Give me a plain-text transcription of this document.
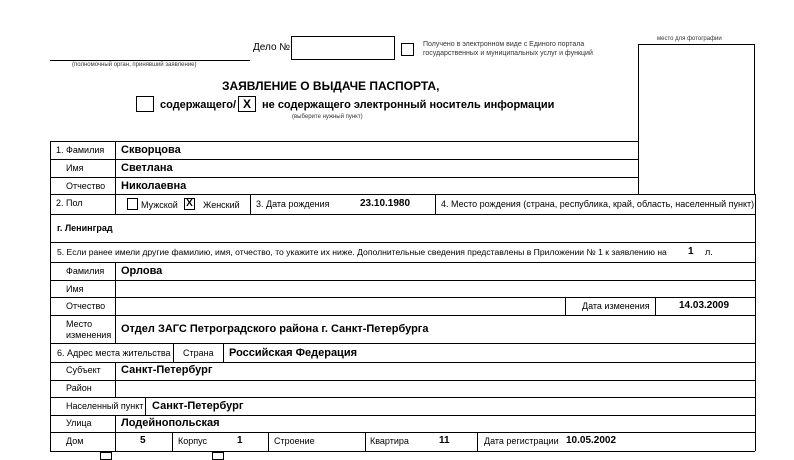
(полномочный орган, принявший заявление)
Дело №	Получено в электронном виде с Единого портала
государственных и муниципальных услуг и функций
место для фотографии
ЗАЯВЛЕНИЕ О ВЫДАЧЕ ПАСПОРТА,
содержащего/ X	не содержащего электронный носитель информации
(выберите нужный пункт)
1. Фамилия Скворцова
Имя	Светлана
Отчество Николаевна
2. Пол	Мужской X Женский 3. Дата рождения	23.10.1980	4. Место рождения (страна, республика, край, область, населенный пункт):
г. Ленинград
5. Если ранее имели другие фамилию, имя, отчество, то укажите их ниже. Дополнительные сведения представлены в Приложении № 1 к заявлению на 1 л.
Фамилия Орлова
Имя
Отчество	Дата изменения	14.03.2009
Место
изменения Отдел ЗАГС Петроградского района г. Санкт-Петербурга
6. Адрес места жительства Страна Российская Федерация
Субъект Санкт-Петербург
Район
Населенный пункт Санкт-Петербург
Улица	Лодейнопольская
Дом	5	Корпус	1	Строение	Квартира	11	Дата регистрации 10.05.2002
